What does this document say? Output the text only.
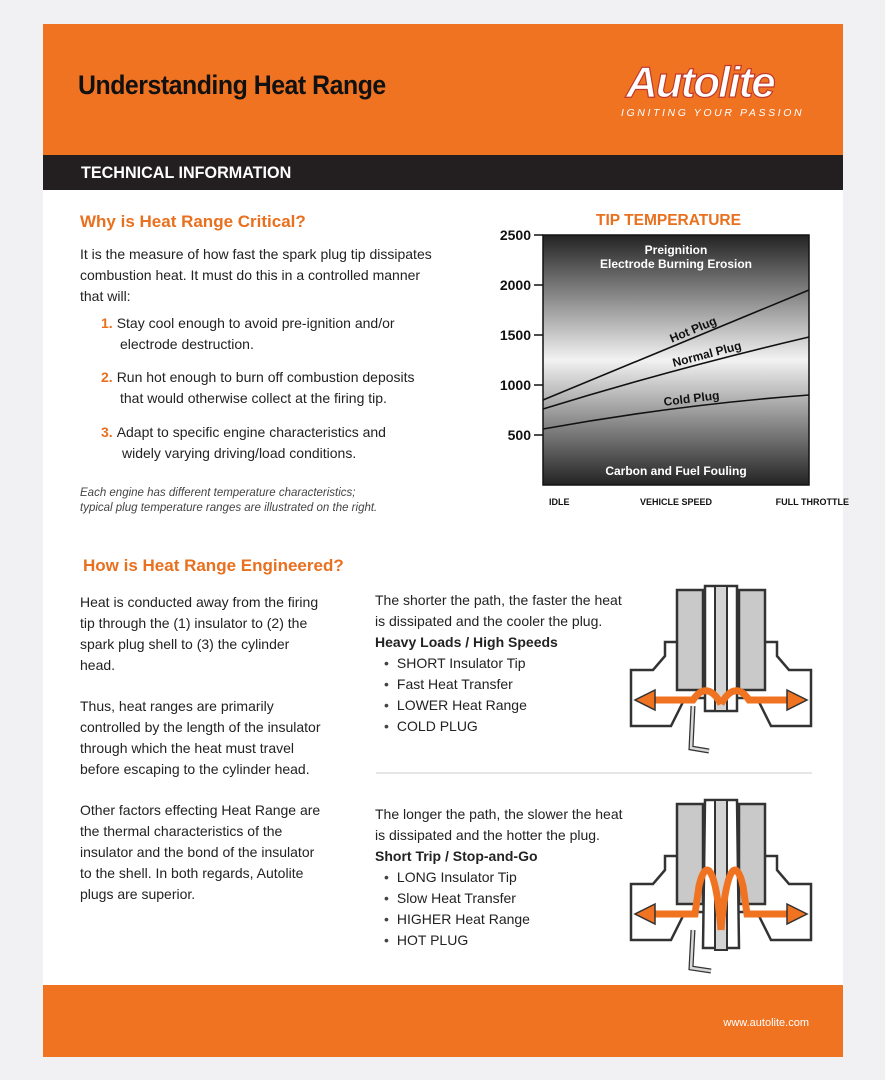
Understanding Heat Range	Autolite
IGNITING YOUR PASSION
TECHNICAL INFORMATION
Why is Heat Range Critical?
It is the measure of how fast the spark plug tip dissipates
combustion heat. It must do this in a controlled manner
that will:
1. Stay cool enough to avoid pre-ignition and/or
electrode destruction.
2. Run hot enough to burn off combustion deposits
that would otherwise collect at the firing tip.
3. Adapt to specific engine characteristics and
widely varying driving/load conditions.
Each engine has different temperature characteristics;
typical plug temperature ranges are illustrated on the right.
TIP TEMPERATURE
2500
2000
1500
1000
500
Hot Plug
Normal Plug
Cold Plug
Preignition
Electrode Burning Erosion
Carbon and Fuel Fouling
IDLE	VEHICLE SPEED	FULL THROTTLE
How is Heat Range Engineered?
Heat is conducted away from the firing
tip through the (1) insulator to (2) the
spark plug shell to (3) the cylinder
head.
Thus, heat ranges are primarily
controlled by the length of the insulator
through which the heat must travel
before escaping to the cylinder head.
Other factors effecting Heat Range are
the thermal characteristics of the
insulator and the bond of the insulator
to the shell. In both regards, Autolite
plugs are superior.
The shorter the path, the faster the heat
is dissipated and the cooler the plug.
Heavy Loads / High Speeds
• SHORT Insulator Tip
• Fast Heat Transfer
• LOWER Heat Range
• COLD PLUG
The longer the path, the slower the heat
is dissipated and the hotter the plug.
Short Trip / Stop-and-Go
• LONG Insulator Tip
• Slow Heat Transfer
• HIGHER Heat Range
• HOT PLUG
www.autolite.com
